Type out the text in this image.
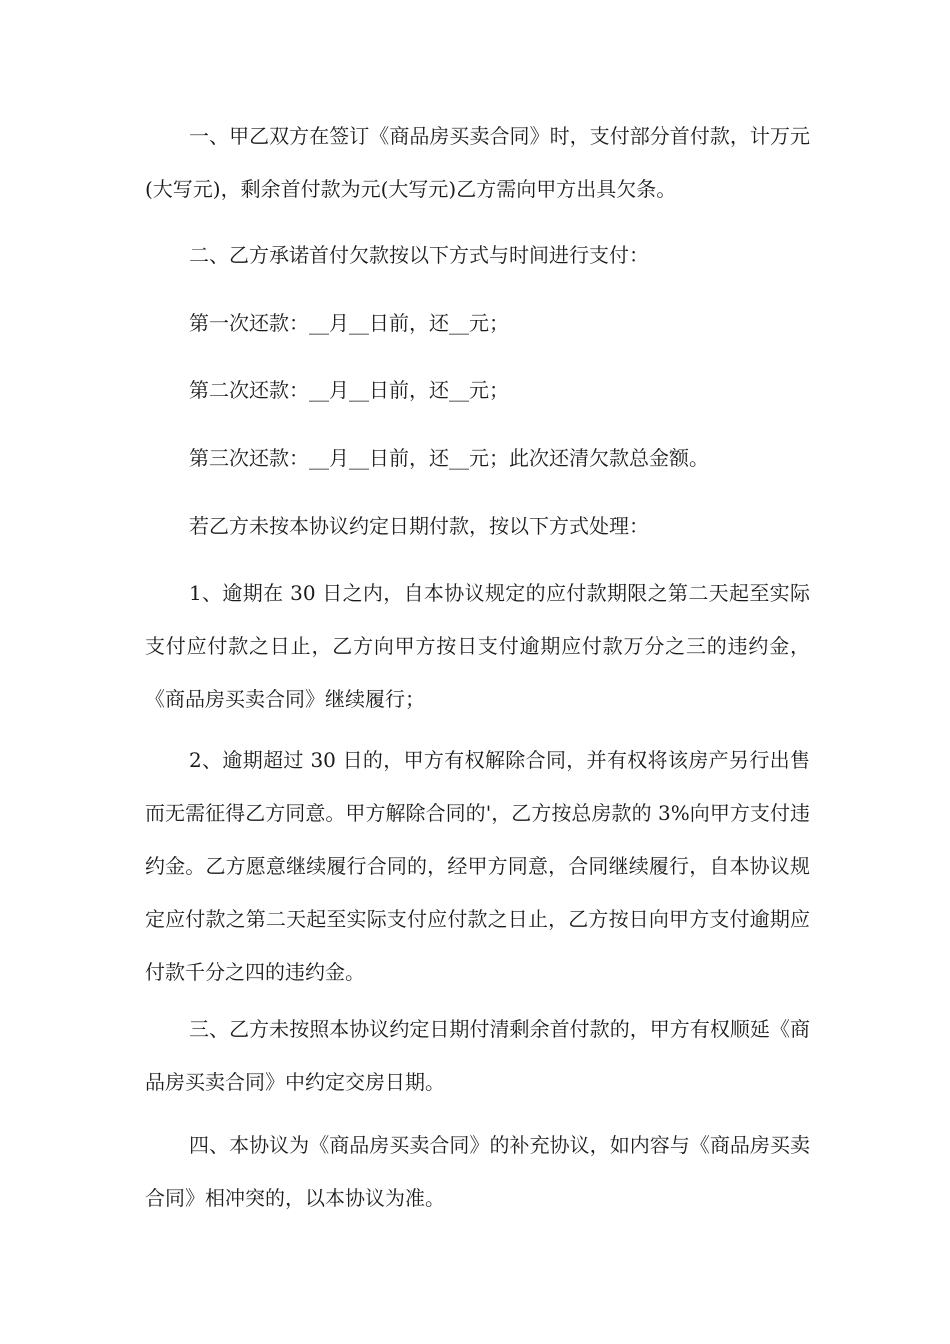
一、甲乙双方在签订《商品房买卖合同》时，支付部分首付款，计万元(大写元)，剩余首付款为元(大写元)乙方需向甲方出具欠条。

二、乙方承诺首付欠款按以下方式与时间进行支付：

第一次还款：__月__日前，还__元；

第二次还款：__月__日前，还__元；

第三次还款：__月__日前，还__元；此次还清欠款总金额。

若乙方未按本协议约定日期付款，按以下方式处理：

1、逾期在 30 日之内，自本协议规定的应付款期限之第二天起至实际支付应付款之日止，乙方向甲方按日支付逾期应付款万分之三的违约金，《商品房买卖合同》继续履行；

2、逾期超过 30 日的，甲方有权解除合同，并有权将该房产另行出售而无需征得乙方同意。甲方解除合同的'，乙方按总房款的 3%向甲方支付违约金。乙方愿意继续履行合同的，经甲方同意，合同继续履行，自本协议规定应付款之第二天起至实际支付应付款之日止，乙方按日向甲方支付逾期应付款千分之四的违约金。

三、乙方未按照本协议约定日期付清剩余首付款的，甲方有权顺延《商品房买卖合同》中约定交房日期。

四、本协议为《商品房买卖合同》的补充协议，如内容与《商品房买卖合同》相冲突的，以本协议为准。
